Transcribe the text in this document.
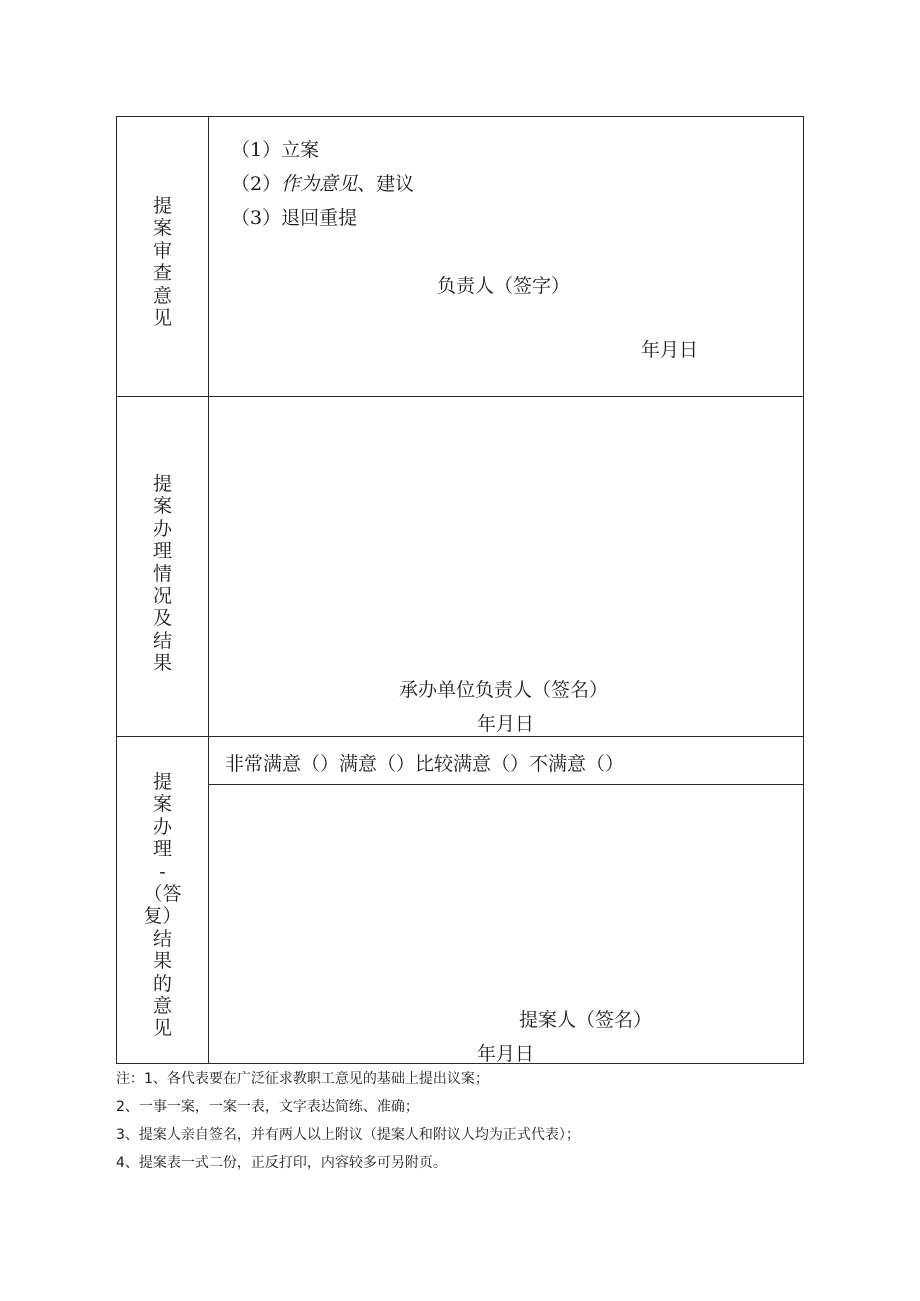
提
案
审
查
意
见
（1）立案
（2）作为意见、建议
（3）退回重提
负责人（签字）
年月日
提
案
办
理
情
况
及
结
果
承办单位负责人（签名）
年月日
提
案
办
理
-
（答
复）
结
果
的
意
见
非常满意（）满意（）比较满意（）不满意（）
提案人（签名）
年月日
注：1、各代表要在广泛征求教职工意见的基础上提出议案；
2、一事一案，一案一表，文字表达简练、准确；
3、提案人亲自签名，并有两人以上附议（提案人和附议人均为正式代表）；
4、提案表一式二份，正反打印，内容较多可另附页。
